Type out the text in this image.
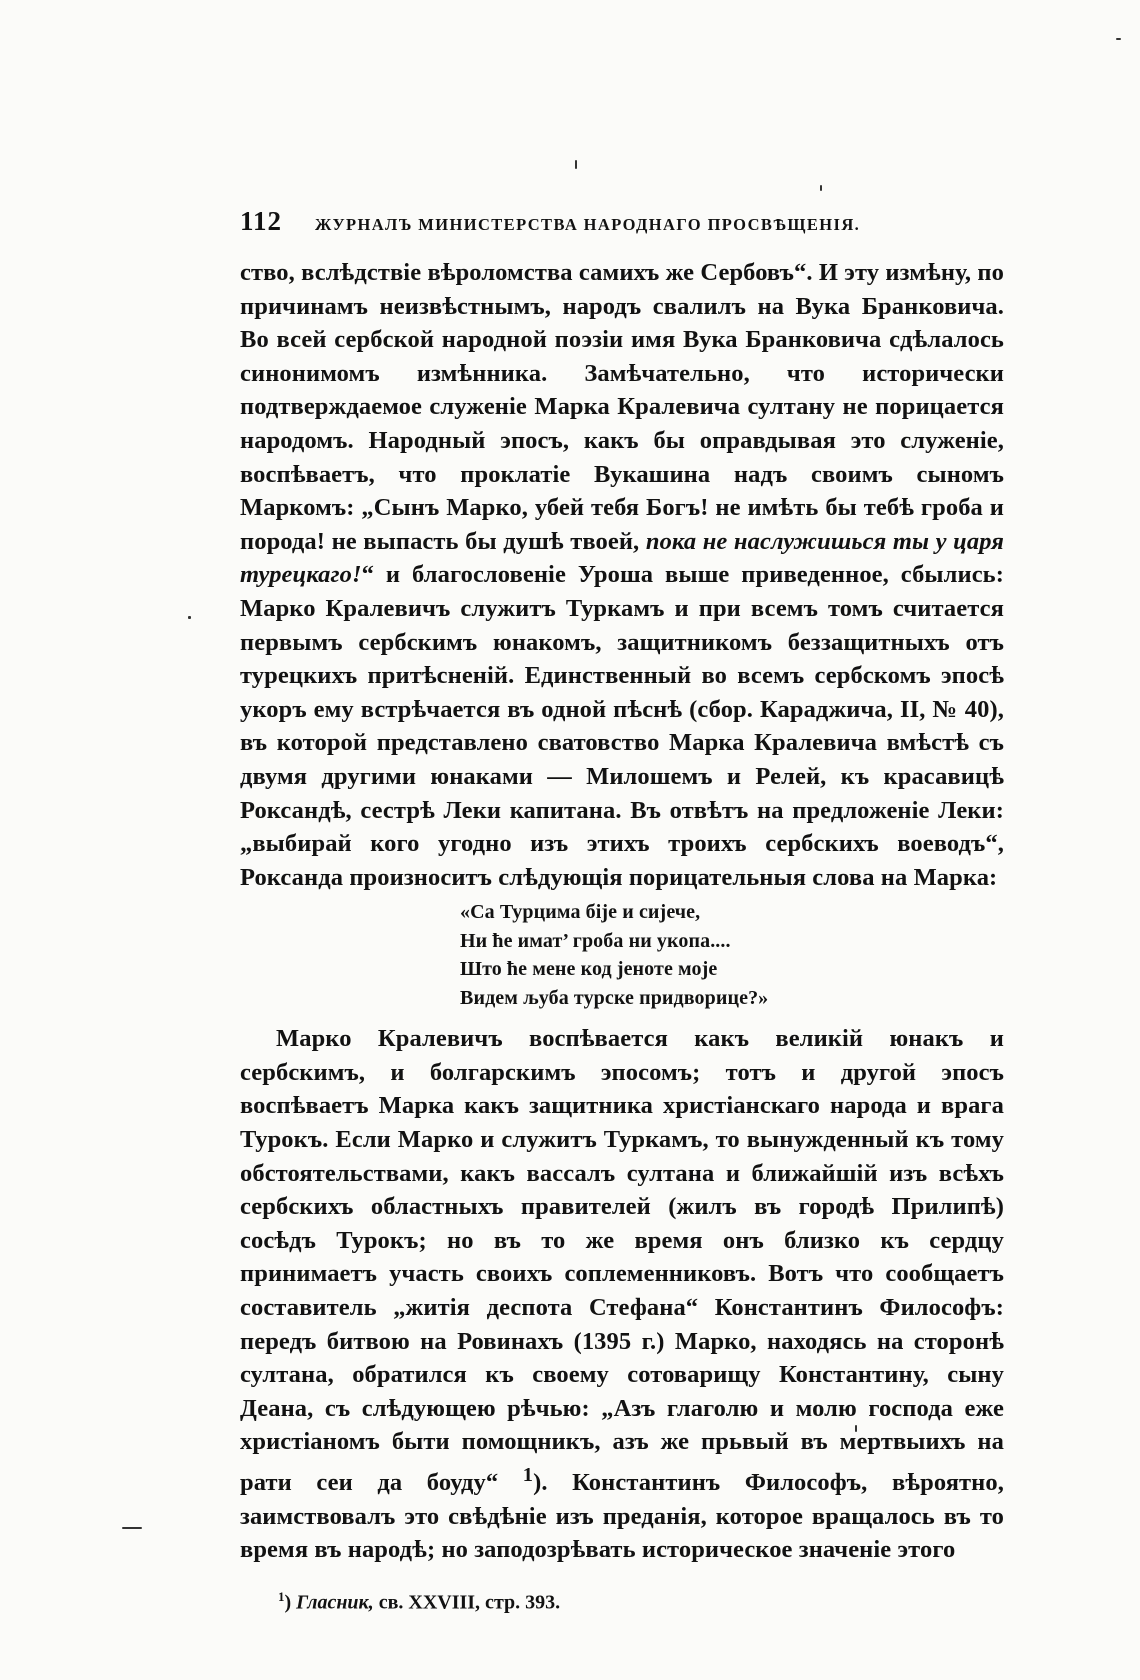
112	ЖУРНАЛЪ МИНИСТЕРСТВА НАРОДНАГО ПРОСВѢЩЕНІЯ.

ство, вслѣдствіе вѣроломства самихъ же Сербовъ“. И эту измѣну, по причинамъ неизвѣстнымъ, народъ свалилъ на Вука Бранковича. Во всей сербской народной поэзіи имя Вука Бранковича сдѣлалось синонимомъ измѣнника. Замѣчательно, что исторически подтверждаемое служеніе Марка Кралевича султану не порицается народомъ. Народный эпосъ, какъ бы оправдывая это служеніе, воспѣваетъ, что проклатіе Вукашина надъ своимъ сыномъ Маркомъ: „Сынъ Марко, убей тебя Богъ! не имѣть бы тебѣ гроба и порода! не выпасть бы душѣ твоей, пока не наслужишься ты у царя турецкаго!“ и благословеніе Уроша выше приведенное, сбылись: Марко Кралевичъ служитъ Туркамъ и при всемъ томъ считается первымъ сербскимъ юнакомъ, защитникомъ беззащитныхъ отъ турецкихъ притѣсненій. Единственный во всемъ сербскомъ эпосѣ укоръ ему встрѣчается въ одной пѣснѣ (сбор. Караджича, II, № 40), въ которой представлено сватовство Марка Кралевича вмѣстѣ съ двумя другими юнаками — Милошемъ и Релей, къ красавицѣ Роксандѣ, сестрѣ Леки капитана. Въ отвѣтъ на предложеніе Леки: „выбирай кого угодно изъ этихъ троихъ сербскихъ воеводъ“, Роксанда произноситъ слѣдующія порицательныя слова на Марка:

«Са Турцима біје и сијече,
Ни ће имат’ гроба ни укопа....
Што ће мене код јеноте моје
Видем љуба турске придворице?»

Марко Кралевичъ воспѣвается какъ великій юнакъ и сербскимъ, и болгарскимъ эпосомъ; тотъ и другой эпосъ воспѣваетъ Марка какъ защитника христіанскаго народа и врага Турокъ. Если Марко и служитъ Туркамъ, то вынужденный къ тому обстоятельствами, какъ вассалъ султана и ближайшій изъ всѣхъ сербскихъ областныхъ правителей (жилъ въ городѣ Прилипѣ) сосѣдъ Турокъ; но въ то же время онъ близко къ сердцу принимаетъ участь своихъ соплеменниковъ. Вотъ что сообщаетъ составитель „житія деспота Стефана“ Константинъ Философъ: передъ битвою на Ровинахъ (1395 г.) Марко, находясь на сторонѣ султана, обратился къ своему сотоварищу Константину, сыну Деана, съ слѣдующею рѣчью: „Азъ глаголю и молю господа еже христіаномъ быти помощникъ, азъ же прьвый въ мертвыихъ на рати сеи да боуду“ $^1$). Константинъ Философъ, вѣроятно, заимствовалъ это свѣдѣніе изъ преданія, которое вращалось въ то время въ народѣ; но заподозрѣвать историческое значеніе этого

$^1$) Гласник, св. XXVIII, стр. 393.
